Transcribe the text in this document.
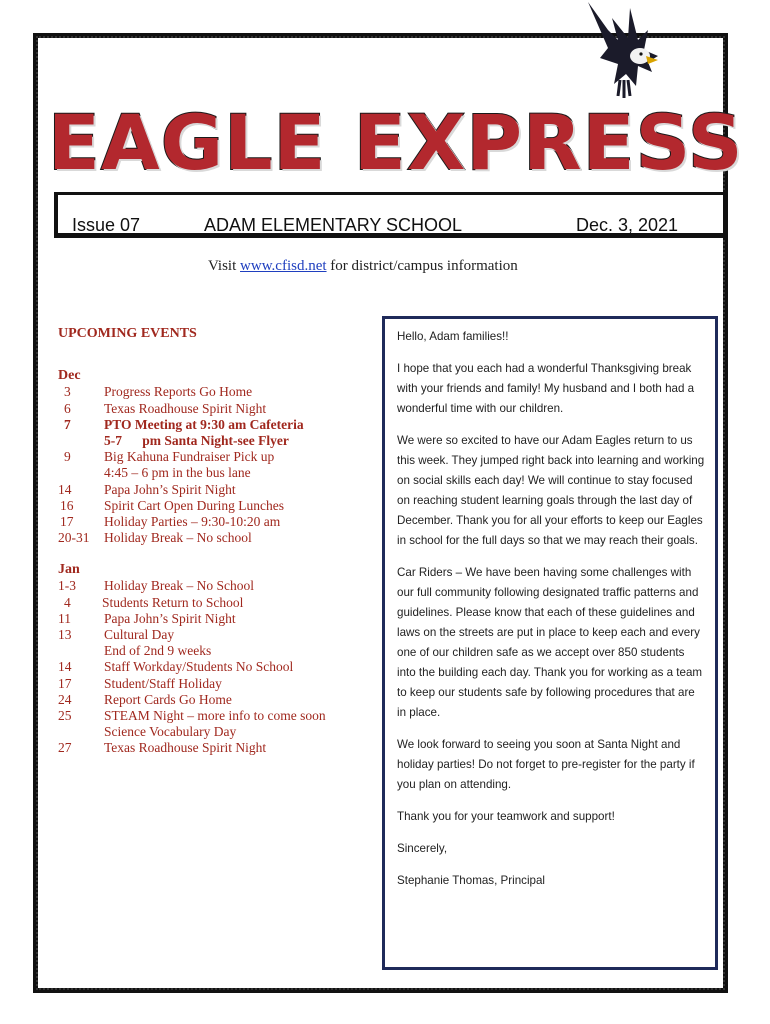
EAGLE EXPRESS
Issue 07	ADAM ELEMENTARY SCHOOL	Dec. 3, 2021
Visit www.cfisd.net for district/campus information
UPCOMING EVENTS
Dec
3	Progress Reports Go Home
6	Texas Roadhouse Spirit Night
7	PTO Meeting at 9:30 am Cafeteria
5-7      pm Santa Night-see Flyer
9	Big Kahuna Fundraiser Pick up
4:45 – 6 pm in the bus lane
14	Papa John’s Spirit Night
16	Spirit Cart Open During Lunches
17	Holiday Parties – 9:30-10:20 am
20-31	Holiday Break – No school
Jan
1-3	Holiday Break – No School
4	Students Return to School
11	Papa John’s Spirit Night
13	Cultural Day
End of 2nd 9 weeks
14	Staff Workday/Students No School
17	Student/Staff Holiday
24	Report Cards Go Home
25	STEAM Night – more info to come soon
Science Vocabulary Day
27	Texas Roadhouse Spirit Night

Hello, Adam families!!

I hope that you each had a wonderful Thanksgiving break with your friends and family! My husband and I both had a wonderful time with our children.

We were so excited to have our Adam Eagles return to us this week. They jumped right back into learning and working on social skills each day! We will continue to stay focused on reaching student learning goals through the last day of December. Thank you for all your efforts to keep our Eagles in school for the full days so that we may reach their goals.

Car Riders – We have been having some challenges with our full community following designated traffic patterns and guidelines. Please know that each of these guidelines and laws on the streets are put in place to keep each and every one of our children safe as we accept over 850 students into the building each day. Thank you for working as a team to keep our students safe by following procedures that are in place.

We look forward to seeing you soon at Santa Night and holiday parties! Do not forget to pre-register for the party if you plan on attending.

Thank you for your teamwork and support!

Sincerely,

Stephanie Thomas, Principal
